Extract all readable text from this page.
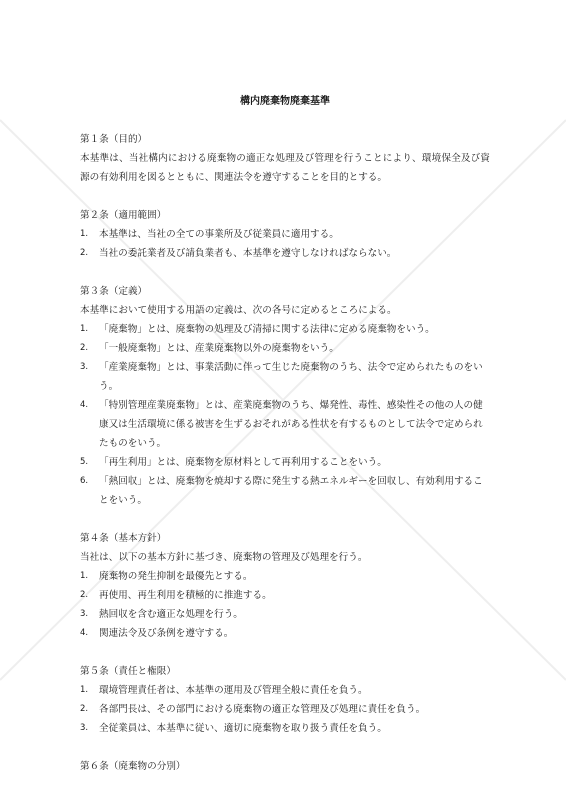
構内廃棄物廃棄基準

第１条（目的）

本基準は、当社構内における廃棄物の適正な処理及び管理を行うことにより、環境保全及び資源の有効利用を図るとともに、関連法令を遵守することを目的とする。

第２条（適用範囲）

1. 本基準は、当社の全ての事業所及び従業員に適用する。
2. 当社の委託業者及び請負業者も、本基準を遵守しなければならない。

第３条（定義）

本基準において使用する用語の定義は、次の各号に定めるところによる。

1. 「廃棄物」とは、廃棄物の処理及び清掃に関する法律に定める廃棄物をいう。
2. 「一般廃棄物」とは、産業廃棄物以外の廃棄物をいう。
3. 「産業廃棄物」とは、事業活動に伴って生じた廃棄物のうち、法令で定められたものをいう。
4. 「特別管理産業廃棄物」とは、産業廃棄物のうち、爆発性、毒性、感染性その他の人の健康又は生活環境に係る被害を生ずるおそれがある性状を有するものとして法令で定められたものをいう。
5. 「再生利用」とは、廃棄物を原材料として再利用することをいう。
6. 「熱回収」とは、廃棄物を焼却する際に発生する熱エネルギーを回収し、有効利用することをいう。

第４条（基本方針）

当社は、以下の基本方針に基づき、廃棄物の管理及び処理を行う。

1. 廃棄物の発生抑制を最優先とする。
2. 再使用、再生利用を積極的に推進する。
3. 熱回収を含む適正な処理を行う。
4. 関連法令及び条例を遵守する。

第５条（責任と権限）

1. 環境管理責任者は、本基準の運用及び管理全般に責任を負う。
2. 各部門長は、その部門における廃棄物の適正な管理及び処理に責任を負う。
3. 全従業員は、本基準に従い、適切に廃棄物を取り扱う責任を負う。

第６条（廃棄物の分別）
